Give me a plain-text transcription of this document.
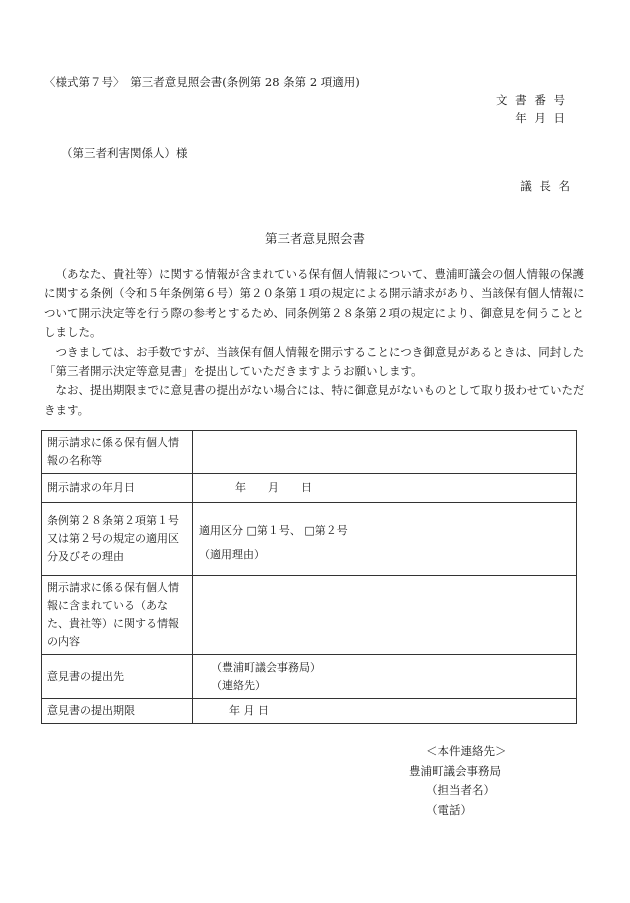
〈様式第７号〉　第三者意見照会書(条例第 28 条第 2 項適用)
文 書 番 号
年 月 日
（第三者利害関係人）様
議 長 名
第三者意見照会書

（あなた、貴社等）に関する情報が含まれている保有個人情報について、豊浦町議会の個人情報の保護に関する条例（令和５年条例第６号）第２０条第１項の規定による開示請求があり、当該保有個人情報について開示決定等を行う際の参考とするため、同条例第２８条第２項の規定により、御意見を伺うこととしました。

つきましては、お手数ですが、当該保有個人情報を開示することにつき御意見があるときは、同封した「第三者開示決定等意見書」を提出していただきますようお願いします。

なお、提出期限までに意見書の提出がない場合には、特に御意見がないものとして取り扱わせていただきます。

開示請求に係る保有個人情報の名称等	
開示請求の年月日	年　　月　　日
条例第２８条第２項第１号又は第２号の規定の適用区分及びその理由	適用区分 □第１号、 □第２号
（適用理由）

開示請求に係る保有個人情報に含まれている（あなた、貴社等）に関する情報の内容	
意見書の提出先	（豊浦町議会事務局）
（連絡先）

意見書の提出期限	年 月 日
＜本件連絡先＞
豊浦町議会事務局
（担当者名）
（電話）
